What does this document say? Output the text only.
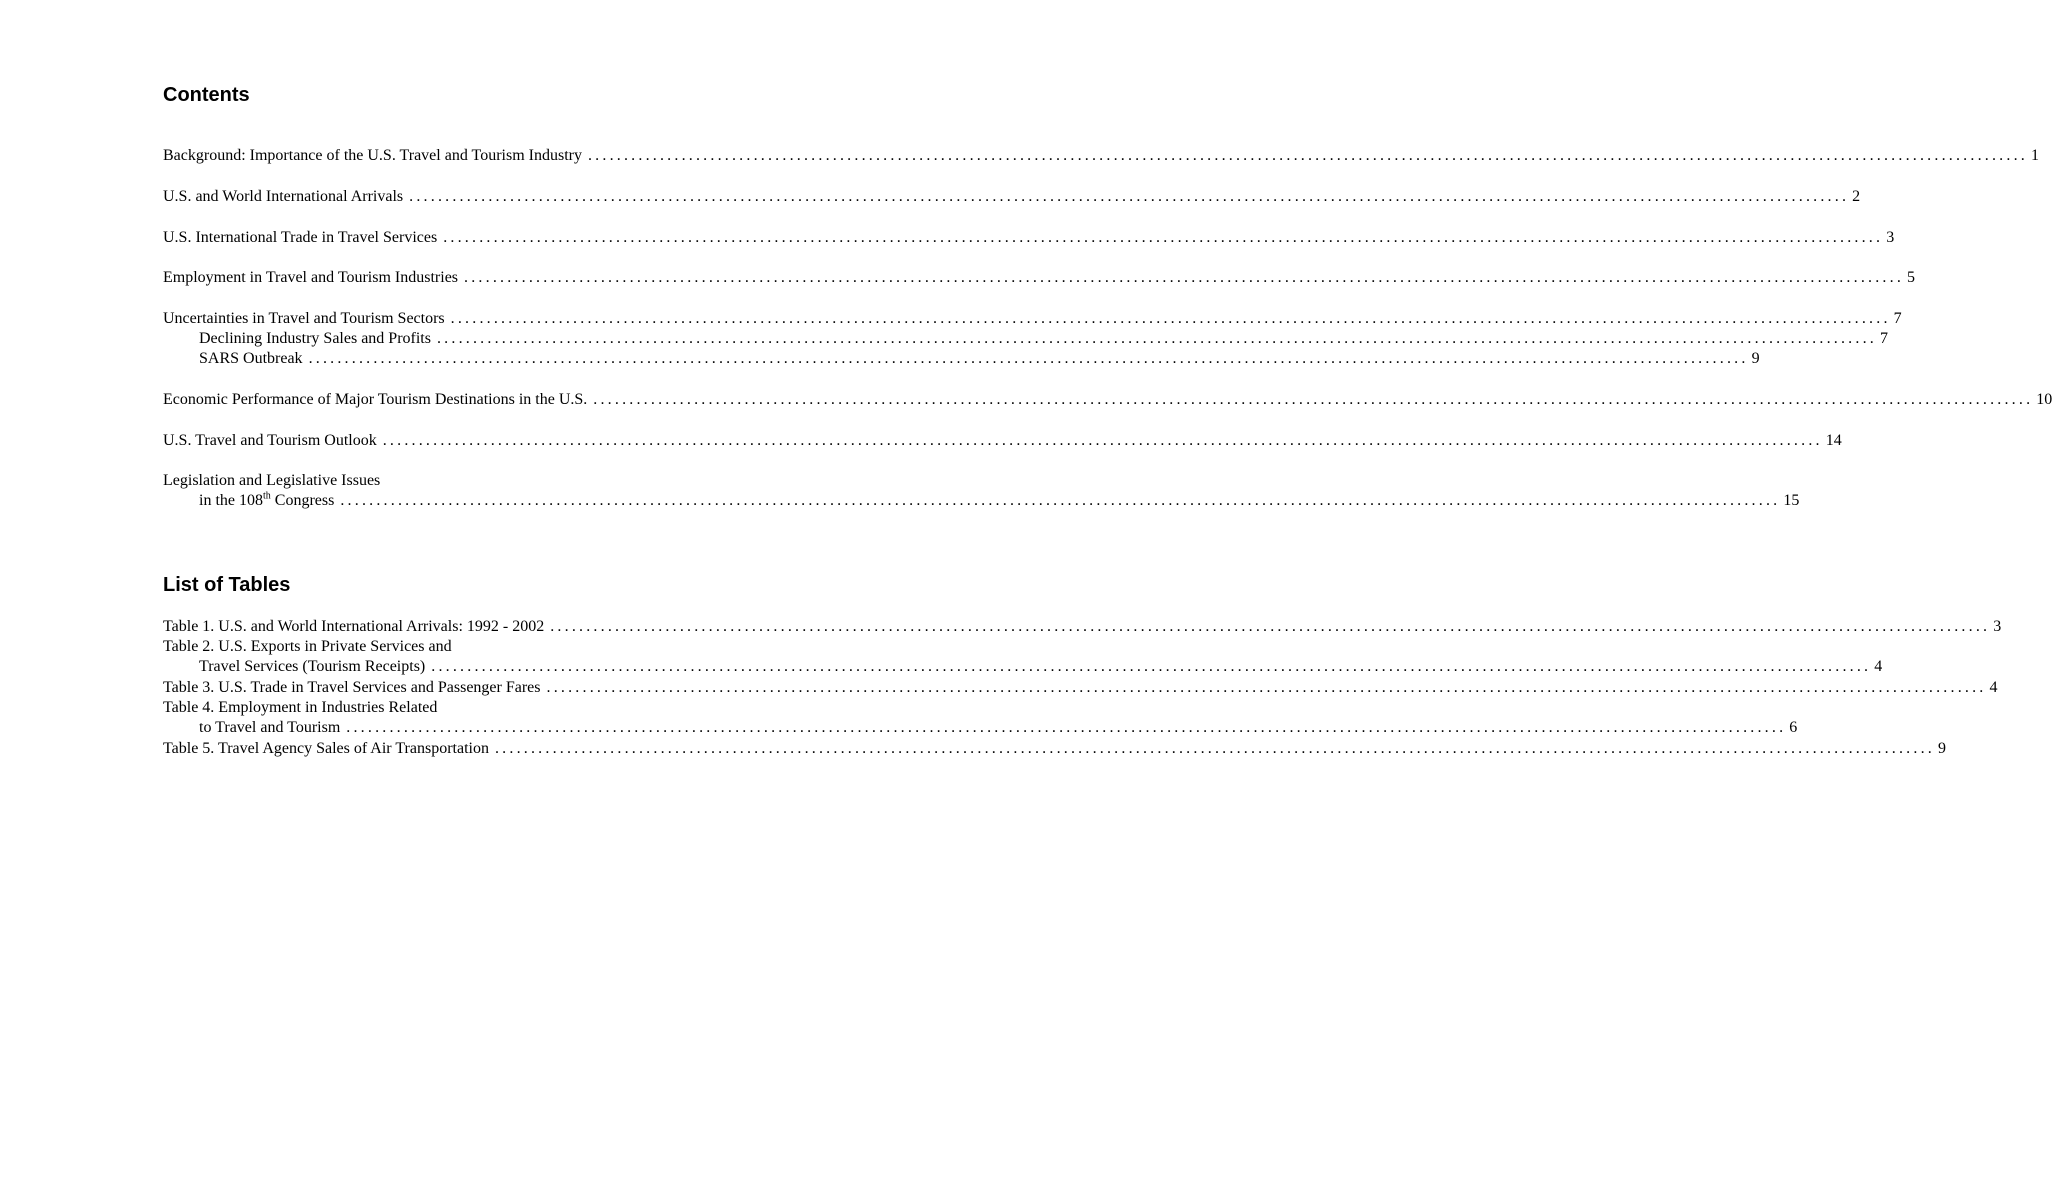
Contents
Background: Importance of the U.S. Travel and Tourism Industry ........................................................................................................................................................................................................ 1
U.S. and World International Arrivals ........................................................................................................................................................................................................ 2
U.S. International Trade in Travel Services ........................................................................................................................................................................................................ 3
Employment in Travel and Tourism Industries ........................................................................................................................................................................................................ 5
Uncertainties in Travel and Tourism Sectors ........................................................................................................................................................................................................ 7
Declining Industry Sales and Profits ........................................................................................................................................................................................................ 7
SARS Outbreak ........................................................................................................................................................................................................ 9
Economic Performance of Major Tourism Destinations in the U.S. ........................................................................................................................................................................................................ 10
U.S. Travel and Tourism Outlook ........................................................................................................................................................................................................ 14
Legislation and Legislative Issues
in the 108th Congress ........................................................................................................................................................................................................ 15
List of Tables
Table 1. U.S. and World International Arrivals: 1992 - 2002 ........................................................................................................................................................................................................ 3
Table 2. U.S. Exports in Private Services and
Travel Services (Tourism Receipts) ........................................................................................................................................................................................................ 4
Table 3. U.S. Trade in Travel Services and Passenger Fares ........................................................................................................................................................................................................ 4
Table 4. Employment in Industries Related
to Travel and Tourism ........................................................................................................................................................................................................ 6
Table 5. Travel Agency Sales of Air Transportation ........................................................................................................................................................................................................ 9
